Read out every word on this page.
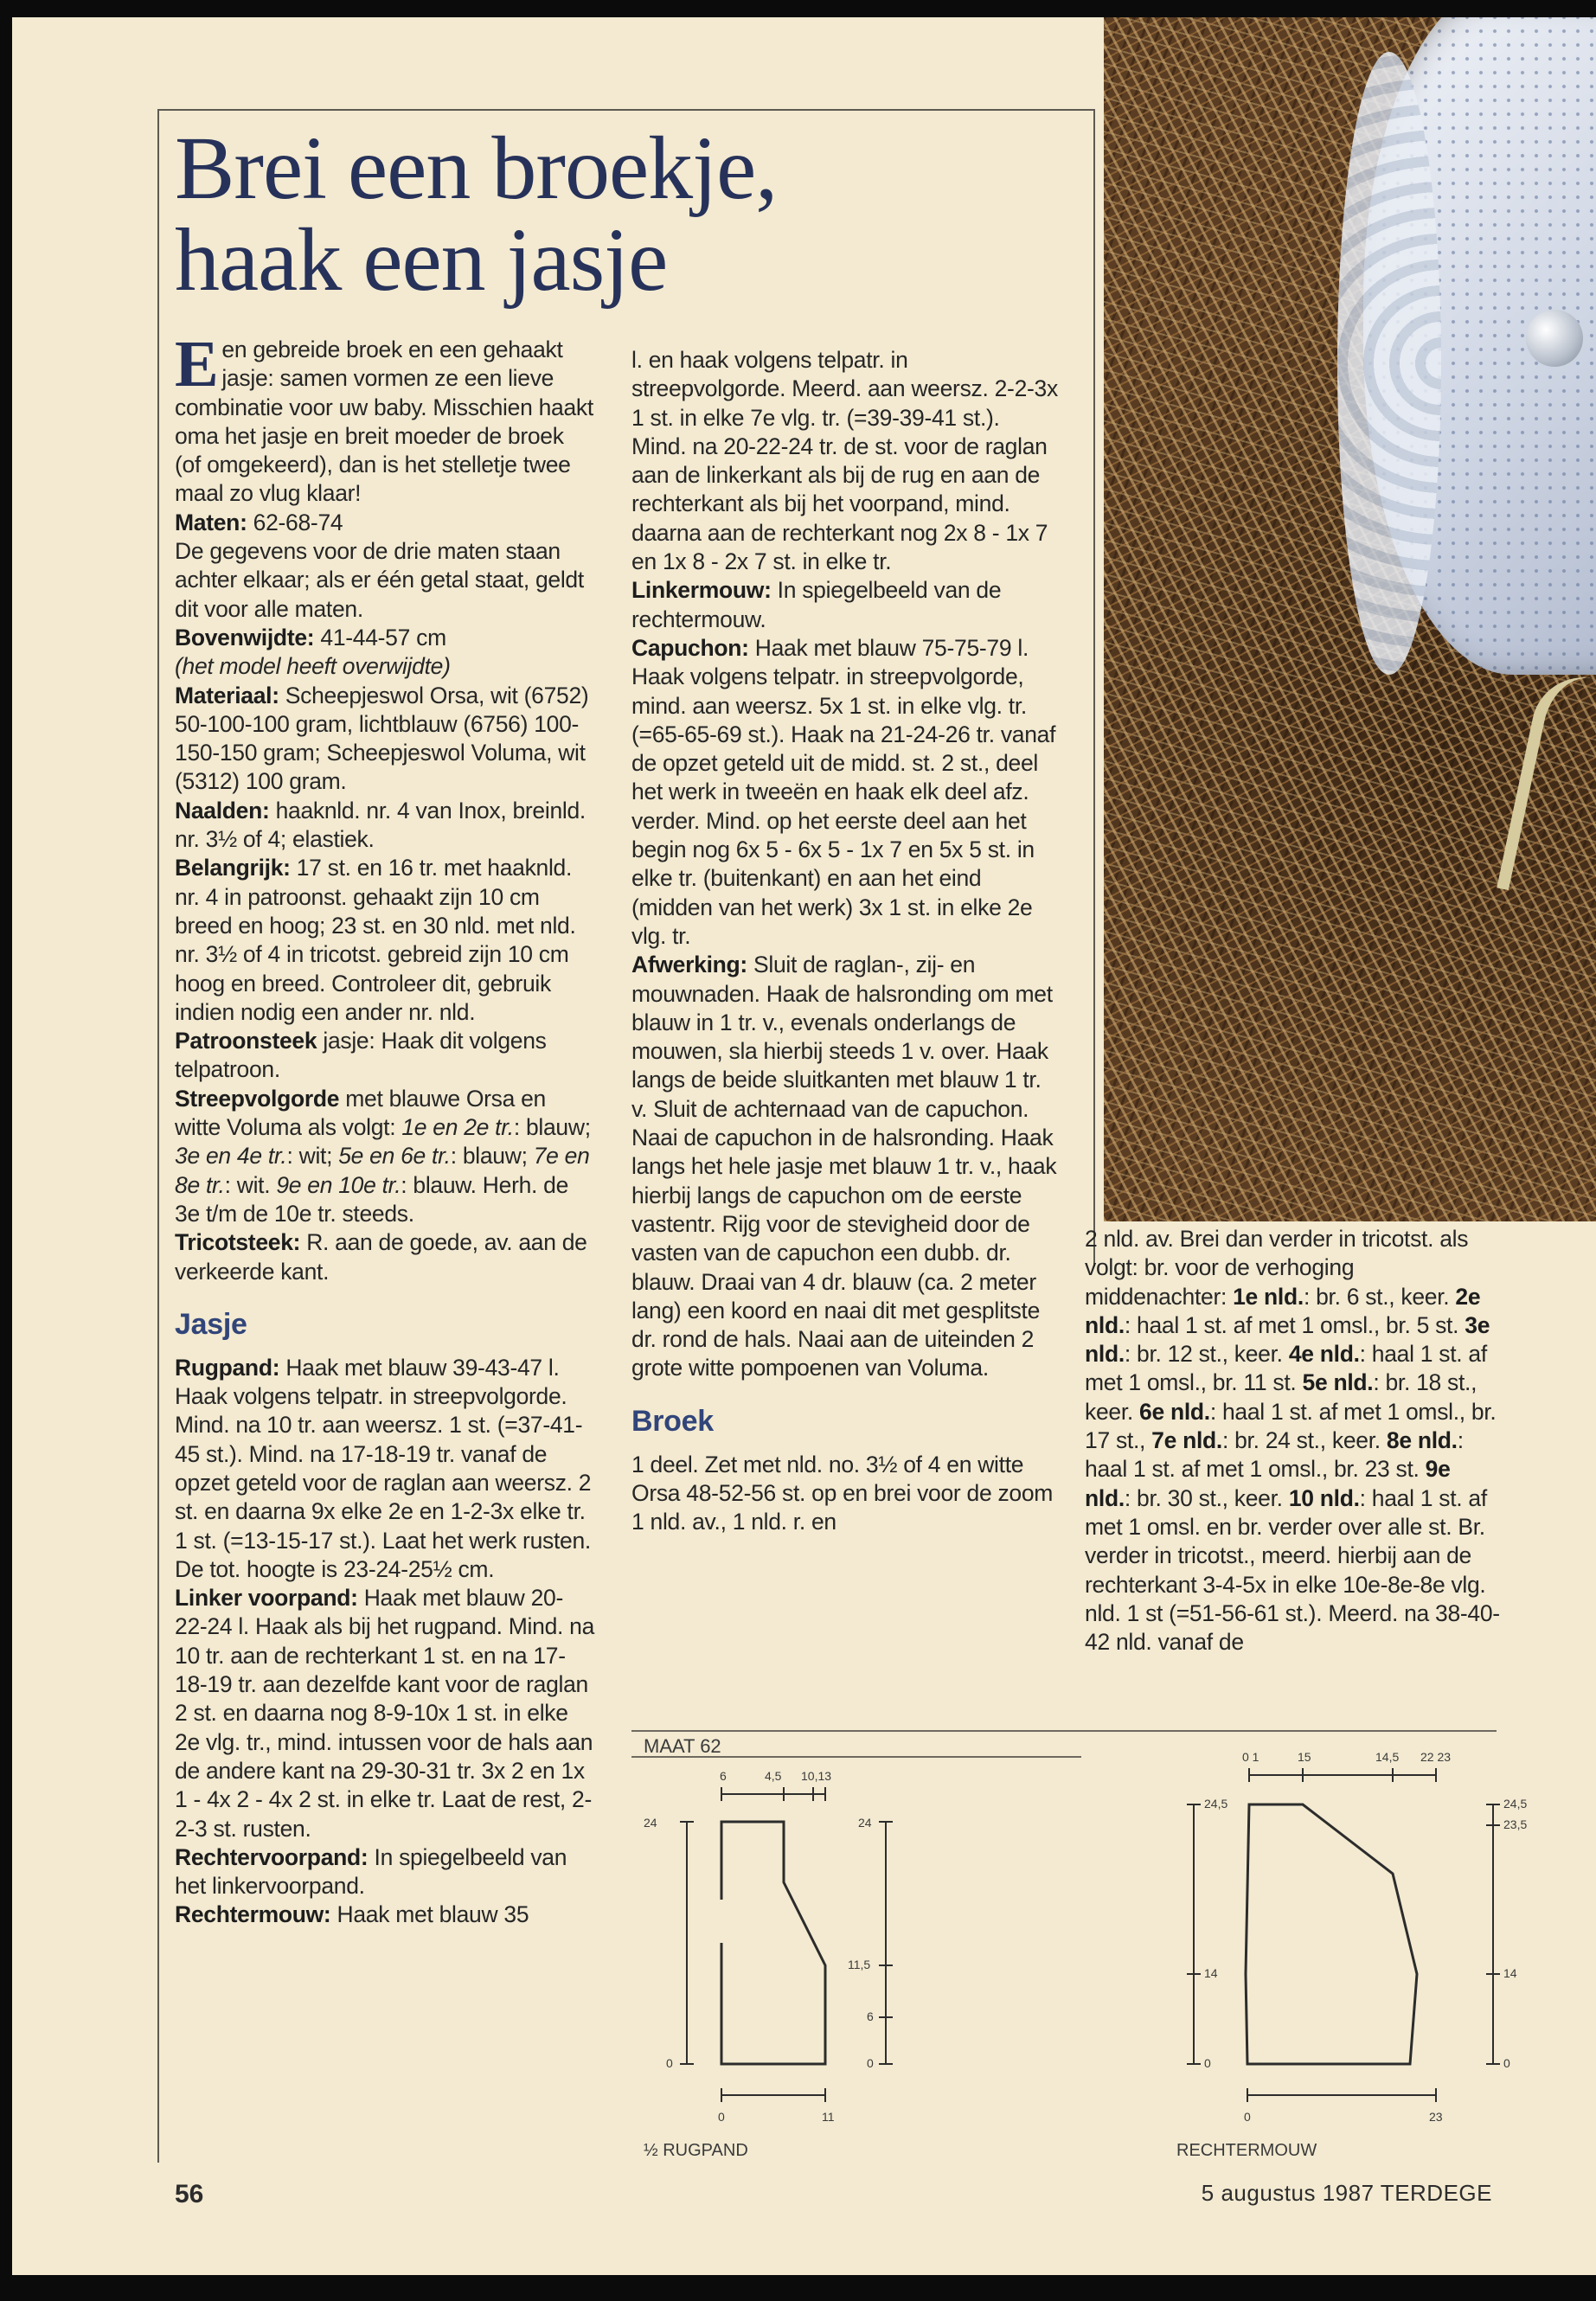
Brei een broekje,
haak een jasje

Een gebreide broek en een gehaakt jasje: samen vormen ze een lieve combinatie voor uw baby. Misschien haakt oma het jasje en breit moeder de broek (of omgekeerd), dan is het stelletje twee maal zo vlug klaar!

Maten: 62-68-74

De gegevens voor de drie maten staan achter elkaar; als er één getal staat, geldt dit voor alle maten.

Bovenwijdte: 41-44-57 cm

(het model heeft overwijdte)

Materiaal: Scheepjeswol Orsa, wit (6752) 50-100-100 gram, lichtblauw (6756) 100-150-150 gram; Scheepjeswol Voluma, wit (5312) 100 gram.

Naalden: haaknld. nr. 4 van Inox, breinld. nr. 3½ of 4; elastiek.

Belangrijk: 17 st. en 16 tr. met haaknld. nr. 4 in patroonst. gehaakt zijn 10 cm breed en hoog; 23 st. en 30 nld. met nld. nr. 3½ of 4 in tricotst. gebreid zijn 10 cm hoog en breed. Controleer dit, gebruik indien nodig een ander nr. nld.

Patroonsteek jasje: Haak dit volgens telpatroon.

Streepvolgorde met blauwe Orsa en witte Voluma als volgt: 1e en 2e tr.: blauw; 3e en 4e tr.: wit; 5e en 6e tr.: blauw; 7e en 8e tr.: wit. 9e en 10e tr.: blauw. Herh. de 3e t/m de 10e tr. steeds.

Tricotsteek: R. aan de goede, av. aan de verkeerde kant.

Jasje

Rugpand: Haak met blauw 39-43-47 l. Haak volgens telpatr. in streepvolgorde. Mind. na 10 tr. aan weersz. 1 st. (=37-41-45 st.). Mind. na 17-18-19 tr. vanaf de opzet geteld voor de raglan aan weersz. 2 st. en daarna 9x elke 2e en 1-2-3x elke tr. 1 st. (=13-15-17 st.). Laat het werk rusten. De tot. hoogte is 23-24-25½ cm.

Linker voorpand: Haak met blauw 20-22-24 l. Haak als bij het rugpand. Mind. na 10 tr. aan de rechterkant 1 st. en na 17-18-19 tr. aan dezelfde kant voor de raglan 2 st. en daarna nog 8-9-10x 1 st. in elke 2e vlg. tr., mind. intussen voor de hals aan de andere kant na 29-30-31 tr. 3x 2 en 1x 1 - 4x 2 - 4x 2 st. in elke tr. Laat de rest, 2-2-3 st. rusten.

Rechtervoorpand: In spiegelbeeld van het linkervoorpand.

Rechtermouw: Haak met blauw 35

l. en haak volgens telpatr. in streepvolgorde. Meerd. aan weersz. 2-2-3x 1 st. in elke 7e vlg. tr. (=39-39-41 st.). Mind. na 20-22-24 tr. de st. voor de raglan aan de linkerkant als bij de rug en aan de rechterkant als bij het voorpand, mind. daarna aan de rechterkant nog 2x 8 - 1x 7 en 1x 8 - 2x 7 st. in elke tr.

Linkermouw: In spiegelbeeld van de rechtermouw.

Capuchon: Haak met blauw 75-75-79 l. Haak volgens telpatr. in streepvolgorde, mind. aan weersz. 5x 1 st. in elke vlg. tr. (=65-65-69 st.). Haak na 21-24-26 tr. vanaf de opzet geteld uit de midd. st. 2 st., deel het werk in tweeën en haak elk deel afz. verder. Mind. op het eerste deel aan het begin nog 6x 5 - 6x 5 - 1x 7 en 5x 5 st. in elke tr. (buitenkant) en aan het eind (midden van het werk) 3x 1 st. in elke 2e vlg. tr.

Afwerking: Sluit de raglan-, zij- en mouwnaden. Haak de halsronding om met blauw in 1 tr. v., evenals onderlangs de mouwen, sla hierbij steeds 1 v. over. Haak langs de beide sluitkanten met blauw 1 tr. v. Sluit de achternaad van de capuchon. Naai de capuchon in de halsronding. Haak langs het hele jasje met blauw 1 tr. v., haak hierbij langs de capuchon om de eerste vastentr. Rijg voor de stevigheid door de vasten van de capuchon een dubb. dr. blauw. Draai van 4 dr. blauw (ca. 2 meter lang) een koord en naai dit met gesplitste dr. rond de hals. Naai aan de uiteinden 2 grote witte pompoenen van Voluma.

Broek

1 deel. Zet met nld. no. 3½ of 4 en witte Orsa 48-52-56 st. op en brei voor de zoom 1 nld. av., 1 nld. r. en

2 nld. av. Brei dan verder in tricotst. als volgt: br. voor de verhoging middenachter: 1e nld.: br. 6 st., keer. 2e nld.: haal 1 st. af met 1 omsl., br. 5 st. 3e nld.: br. 12 st., keer. 4e nld.: haal 1 st. af met 1 omsl., br. 11 st. 5e nld.: br. 18 st., keer. 6e nld.: haal 1 st. af met 1 omsl., br. 17 st., 7e nld.: br. 24 st., keer. 8e nld.: haal 1 st. af met 1 omsl., br. 23 st. 9e nld.: br. 30 st., keer. 10 nld.: haal 1 st. af met 1 omsl. en br. verder over alle st. Br. verder in tricotst., meerd. hierbij aan de rechterkant 3-4-5x in elke 10e-8e-8e vlg. nld. 1 st (=51-56-61 st.). Meerd. na 38-40-42 nld. vanaf de

MAAT 62
6	4,5 10,13
24
0
24
11,5
6
0
0	11
½ RUGPAND
0 1	15	14,5 22 23
24,5
14
0
24,5
23,5
14
0
0	23
RECHTERMOUW
56	5 augustus 1987 TERDEGE
